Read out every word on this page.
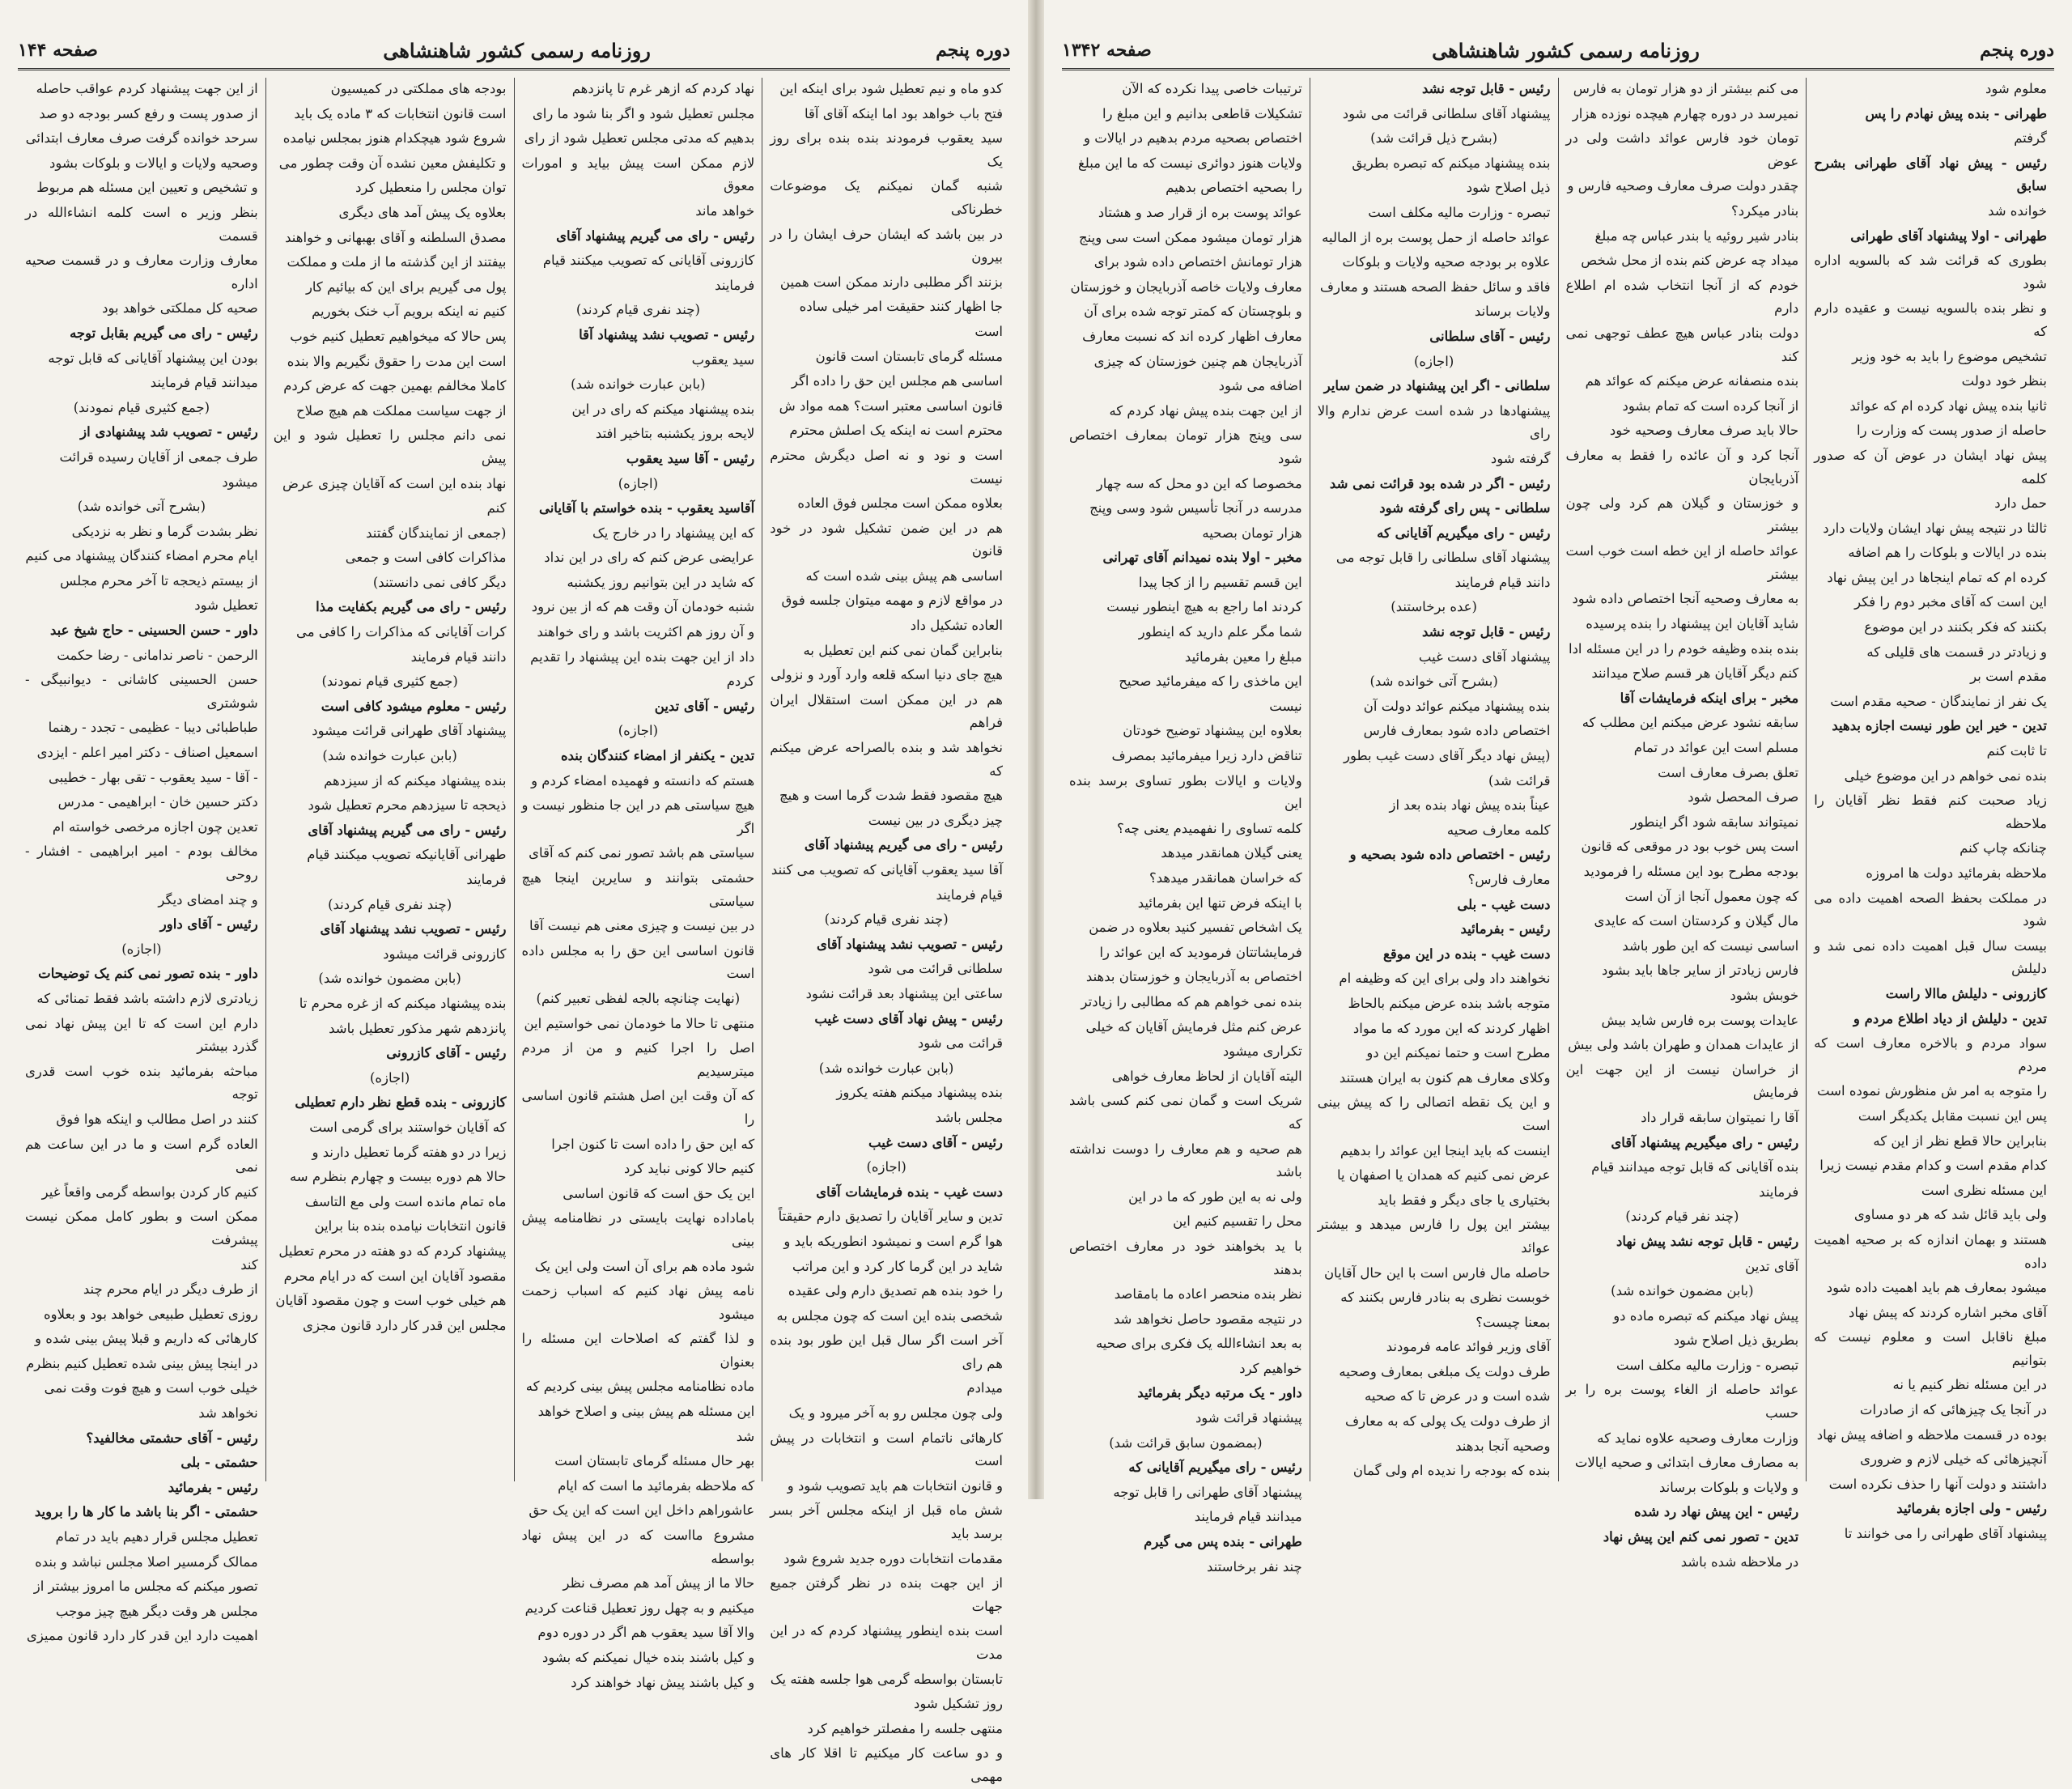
دوره پنجم
روزنامه رسمی کشور شاهنشاهی
صفحه ۱۴۴

کدو ماه و نیم تعطیل شود برای اینکه این

فتح باب خواهد بود اما اینکه آقای آقا

سید یعقوب فرمودند بنده بنده برای روز یک

شنبه گمان نمیکنم یک موضوعات خطرناکی

در بین باشد که ایشان حرف ایشان را در بیرون

بزنند اگر مطلبی دارند ممکن است همین

جا اظهار کنند حقیقت امر خیلی ساده

است

مسئله گرمای تابستان است قانون

اساسی هم مجلس این حق را داده اگر

قانون اساسی معتبر است؟ همه مواد ش

محترم است نه اینکه یک اصلش محترم

است و نود و نه اصل دیگرش محترم نیست

بعلاوه ممکن است مجلس فوق العاده

هم در این ضمن تشکیل شود در خود قانون

اساسی هم پیش بینی شده است که

در مواقع لازم و مهمه میتوان جلسه فوق

العاده تشکیل داد

بنابراین گمان نمی کنم این تعطیل به

هیچ جای دنیا اسکه قلعه وارد آورد و نزولی

هم در این ممکن است استقلال ایران فراهم

نخواهد شد و بنده بالصراحه عرض میکنم که

هیچ مقصود فقط شدت گرما است و هیچ

چیز دیگری در بین نیست

رئیس - رای می گیریم پیشنهاد آقای

آقا سید یعقوب آقایانی که تصویب می کنند

قیام فرمایند

(چند نفری قیام کردند)

رئیس - تصویب نشد پیشنهاد آقای

سلطانی قرائت می شود

ساعتی این پیشنهاد بعد قرائت نشود

رئیس - پیش نهاد آقای دست غیب

قرائت می شود

(بابن عبارت خوانده شد)

بنده پیشنهاد میکنم هفته یکروز

مجلس باشد

رئیس - آقای دست غیب

(اجازه)

دست غیب - بنده فرمایشات آقای

تدین و سایر آقایان را تصدیق دارم حقیقتاً

هوا گرم است و نمیشود انطوریکه باید و

شاید در این گرما کار کرد و این مراتب

را خود بنده هم تصدیق دارم ولی عقیده

شخصی بنده این است که چون مجلس به

آخر است اگر سال قبل این طور بود بنده هم رای

میدادم

ولی چون مجلس رو به آخر میرود و یک

کارهائی ناتمام است و انتخابات در پیش است

و قانون انتخابات هم باید تصویب شود و

شش ماه قبل از اینکه مجلس آخر بسر برسد باید

مقدمات انتخابات دوره جدید شروع شود

از این جهت بنده در نظر گرفتن جمیع جهات

است بنده اینطور پیشنهاد کردم که در این مدت

تابستان بواسطه گرمی هوا جلسه هفته یک

روز تشکیل شود

منتهی جلسه را مفصلتر خواهیم کرد

و دو ساعت کار میکنیم تا اقلا کار های مهمی

نهاد کردم که ازهر غرم تا پانزدهم

مجلس تعطیل شود و اگر بنا شود ما رای

بدهیم که مدتی مجلس تعطیل شود از رای

لازم ممکن است پیش بیاید و امورات معوق

خواهد ماند

رئیس - رای می گیریم پیشنهاد آقای

کازرونی آقایانی که تصویب میکنند قیام

فرمایند

(چند نفری قیام کردند)

رئیس - تصویب نشد پیشنهاد آقا

سید یعقوب

(بابن عبارت خوانده شد)

بنده پیشنهاد میکنم که رای در این

لایحه بروز یکشنبه بتاخیر افتد

رئیس - آقا سید یعقوب

(اجازه)

آقاسید یعقوب - بنده خواستم با آقایانی

که این پیشنهاد را در خارج یک

عرایضی عرض کنم که رای در این نداد

که شاید در این بتوانیم روز یکشنبه

شنبه خودمان آن وقت هم که از بین نرود

و آن روز هم اکثریت باشد و رای خواهند

داد از این جهت بنده این پیشنهاد را تقدیم

کردم

رئیس - آقای تدین

(اجازه)

تدین - یکنفر از امضاء کنندگان بنده

هستم که دانسته و فهمیده امضاء کردم و

هیچ سیاستی هم در این جا منظور نیست و اگر

سیاستی هم باشد تصور نمی کنم که آقای

حشمتی بتوانند و سایرین اینجا هیچ سیاستی

در بین نیست و چیزی معنی هم نیست آقا

قانون اساسی این حق را به مجلس داده است

(نهایت چنانچه بالجه لفظی تعبیر کنم)

منتهی تا حالا ما خودمان نمی خواستیم این

اصل را اجرا کنیم و من از مردم میترسیدیم

که آن وقت این اصل هشتم قانون اساسی را

که این حق را داده است تا کنون اجرا

کنیم حالا کونی نباید کرد

این یک حق است که قانون اساسی

باماداده نهایت بایستی در نظامنامه پیش بینی

شود ماده هم برای آن است ولی این یک

نامه پیش نهاد کنیم که اسباب زحمت میشود

و لذا گفتم که اصلاحات این مسئله را بعنوان

ماده نظامنامه مجلس پیش بینی کردیم که

این مسئله هم پیش بینی و اصلاح خواهد

شد

بهر حال مسئله گرمای تابستان است

که ملاحظه بفرمائید ما است که ایام

عاشوراهم داخل این است که این یک حق

مشروع مااست که در این پیش نهاد بواسطه

حالا ما از پیش آمد هم مصرف نظر

میکنیم و به چهل روز تعطیل قناعت کردیم

والا آقا سید یعقوب هم اگر در دوره دوم

و کیل باشند بنده خیال نمیکنم که بشود

و کیل باشند پیش نهاد خواهند کرد

بودجه های مملکتی در کمیسیون

است قانون انتخابات که ۳ ماده یک باید

شروع شود هیچکدام هنوز بمجلس نیامده

و تکلیفش معین نشده آن وقت چطور می

توان مجلس را منعطیل کرد

بعلاوه یک پیش آمد های دیگری

مصدق السلطنه و آقای بهبهانی و خواهند

بیفتند از این گذشته ما از ملت و مملکت

پول می گیریم برای این که بیائیم کار

کنیم نه اینکه برویم آب خنک بخوریم

پس حالا که میخواهیم تعطیل کنیم خوب

است این مدت را حقوق نگیریم والا بنده

کاملا مخالفم بهمین جهت که عرض کردم

از جهت سیاست مملکت هم هیچ صلاح

نمی دانم مجلس را تعطیل شود و این پیش

نهاد بنده این است که آقایان چیزی عرض

کنم

(جمعی از نمایندگان گفتند

مذاکرات کافی است و جمعی

دیگر کافی نمی دانستند)

رئیس - رای می گیریم بکفایت مذا

کرات آقایانی که مذاکرات را کافی می

دانند قیام فرمایند

(جمع کثیری قیام نمودند)

رئیس - معلوم میشود کافی است

پیشنهاد آقای طهرانی قرائت میشود

(بابن عبارت خوانده شد)

بنده پیشنهاد میکنم که از سیزدهم

ذیحجه تا سیزدهم محرم تعطیل شود

رئیس - رای می گیریم پیشنهاد آقای

طهرانی آقایانیکه تصویب میکنند قیام

فرمایند

(چند نفری قیام کردند)

رئیس - تصویب نشد پیشنهاد آقای

کازرونی قرائت میشود

(بابن مضمون خوانده شد)

بنده پیشنهاد میکنم که از غره محرم تا

پانزدهم شهر مذکور تعطیل باشد

رئیس - آقای کازرونی

(اجازه)

کازرونی - بنده قطع نظر دارم تعطیلی

که آقایان خواستند برای گرمی است

زیرا در دو هفته گرما تعطیل دارند و

حالا هم دوره بیست و چهارم بنظرم سه

ماه تمام مانده است ولی مع التاسف

قانون انتخابات نیامده بنده بنا براین

پیشنهاد کردم که دو هفته در محرم تعطیل

مقصود آقایان این است که در ایام محرم

هم خیلی خوب است و چون مقصود آقایان

مجلس این قدر کار دارد قانون مجزی

از این جهت پیشنهاد کردم عواقب حاصله

از صدور پست و رفع کسر بودجه دو صد

سرحد خوانده گرفت صرف معارف ابتدائی

وصحیه ولایات و ایالات و بلوکات بشود

و تشخیص و تعیین این مسئله هم مربوط

بنظر وزیر ه است کلمه انشاءالله در قسمت

معارف وزارت معارف و در قسمت صحیه اداره

صحیه کل مملکتی خواهد بود

رئیس - رای می گیریم بقابل توجه

بودن این پیشنهاد آقایانی که قابل توجه

میدانند قیام فرمایند

(جمع کثیری قیام نمودند)

رئیس - تصویب شد پیشنهادی از

طرف جمعی از آقایان رسیده قرائت

میشود

(بشرح آتی خوانده شد)

نظر بشدت گرما و نظر به نزدیکی

ایام محرم امضاء کنندگان پیشنهاد می کنیم

از بیستم ذیحجه تا آخر محرم مجلس

تعطیل شود

داور - حسن الحسینی - حاج شیخ عبد

الرحمن - ناصر ندامانی - رضا حکمت

حسن الحسینی کاشانی - دیوانبیگی - شوشتری

طباطبائی دیبا - عظیمی - تجدد - رهنما

اسمعیل اصناف - دکتر امیر اعلم - ایزدی

- آقا - سید یعقوب - تقی بهار - خطیبی

دکتر حسین خان - ابراهیمی - مدرس

تعدین چون اجازه مرخصی خواسته ام

مخالف بودم - امیر ابراهیمی - افشار - روحی

و چند امضای دیگر

رئیس - آقای داور

(اجازه)

داور - بنده تصور نمی کنم یک توضیحات

زیادتری لازم داشته باشد فقط تمنائی که

دارم این است که تا این پیش نهاد نمی گذرد بیشتر

مباحثه بفرمائید بنده خوب است قدری توجه

کنند در اصل مطالب و اینکه هوا فوق

العاده گرم است و ما در این ساعت هم نمی

کنیم کار کردن بواسطه گرمی واقعاً غیر

ممکن است و بطور کامل ممکن نیست پیشرفت

کند

از طرف دیگر در ایام محرم چند

روزی تعطیل طبیعی خواهد بود و بعلاوه

کارهائی که داریم و قبلا پیش بینی شده و

در اینجا پیش بینی شده تعطیل کنیم بنظرم

خیلی خوب است و هیچ فوت وقت نمی

نخواهد شد

رئیس - آقای حشمتی مخالفید؟

حشمتی - بلی

رئیس - بفرمائید

حشمتی - اگر بنا باشد ما کار ها را بروید

تعطیل مجلس قرار دهیم باید در تمام

ممالک گرمسیر اصلا مجلس نباشد و بنده

تصور میکنم که مجلس ما امروز بیشتر از

مجلس هر وقت دیگر هیچ چیز موجب

اهمیت دارد این قدر کار دارد قانون ممیزی

دوره پنجم
روزنامه رسمی کشور شاهنشاهی
صفحه ۱۳۴۲

معلوم شود

طهرانی - بنده پیش نهادم را پس

گرفتم

رئیس - پیش نهاد آقای طهرانی بشرح سابق

خوانده شد

طهرانی - اولا پیشنهاد آقای طهرانی

بطوری که قرائت شد که بالسویه اداره شود

و نظر بنده بالسویه نیست و عقیده دارم که

تشخیص موضوع را باید به خود وزیر

بنظر خود دولت

ثانیا بنده پیش نهاد کرده ام که عوائد

حاصله از صدور پست که وزارت را

پیش نهاد ایشان در عوض آن که صدور کلمه

حمل دارد

ثالثا در نتیجه پیش نهاد ایشان ولایات دارد

بنده در ایالات و بلوکات را هم اضافه

کرده ام که تمام اینجاها در این پیش نهاد

این است که آقای مخبر دوم را فکر

بکنند که فکر بکنند در این موضوع

و زیادتر در قسمت های قلیلی که

مقدم است بر

یک نفر از نمایندگان - صحیه مقدم است

تدین - خیر این طور نیست اجازه بدهید

تا ثابت کنم

بنده نمی خواهم در این موضوع خیلی

زیاد صحبت کنم فقط نظر آقایان را ملاحظه

چنانکه چاپ کنم

ملاحظه بفرمائید دولت ها امروزه

در مملکت بحفظ الصحه اهمیت داده می شود

بیست سال قبل اهمیت داده نمی شد و دلیلش

کازرونی - دلیلش ماالا راست

تدین - دلیلش از دیاد اطلاع مردم و

سواد مردم و بالاخره معارف است که مردم

را متوجه به امر ش منظورش نموده است

پس این نسبت مقابل یکدیگر است

بنابراین حالا قطع نظر از این که

کدام مقدم است و کدام مقدم نیست زیرا

این مسئله نظری است

ولی باید قائل شد که هر دو مساوی

هستند و بهمان اندازه که بر صحیه اهمیت داده

میشود بمعارف هم باید اهمیت داده شود

آقای مخبر اشاره کردند که پیش نهاد

مبلغ ناقابل است و معلوم نیست که بتوانیم

در این مسئله نظر کنیم یا نه

در آنجا یک چیزهائی که از صادرات

بوده در قسمت ملاحظه و اضافه پیش نهاد

آنچیزهائی که خیلی لازم و ضروری

داشتند و دولت آنها را حذف نکرده است

رئیس - ولی اجازه بفرمائید

پیشنهاد آقای طهرانی را می خوانند تا

می کنم بیشتر از دو هزار تومان به فارس

نمیرسد در دوره چهارم هیچده نوزده هزار

تومان خود فارس عوائد داشت ولی در عوض

چقدر دولت صرف معارف وصحیه فارس و

بنادر میکرد؟

بنادر شیر روئیه یا بندر عباس چه مبلغ

میداد چه عرض کنم بنده از محل شخص

خودم که از آنجا انتخاب شده ام اطلاع دارم

دولت بنادر عباس هیچ عطف توجهی نمی کند

بنده منصفانه عرض میکنم که عوائد هم

از آنجا کرده است که تمام بشود

حالا باید صرف معارف وصحیه خود

آنجا کرد و آن عائده را فقط به معارف آذربایجان

و خوزستان و گیلان هم کرد ولی چون بیشتر

عوائد حاصله از این خطه است خوب است بیشتر

به معارف وصحیه آنجا اختصاص داده شود

شاید آقایان این پیشنهاد را بنده پرسیده

بنده بنده وظیفه خودم را در این مسئله ادا

کنم دیگر آقایان هر قسم صلاح میدانند

مخبر - برای اینکه فرمایشات آقا

سابقه نشود عرض میکنم این مطلب که

مسلم است این عوائد در تمام

تعلق بصرف معارف است

صرف المحصل شود

نمیتواند سابقه شود اگر اینطور

است پس خوب بود در موقعی که قانون

بودجه مطرح بود این مسئله را فرمودید

که چون معمول آنجا از آن است

مال گیلان و کردستان است که عایدی

اساسی نیست که این طور باشد

فارس زیادتر از سایر جاها باید بشود

خوبش بشود

عایدات پوست بره فارس شاید بیش

از عایدات همدان و طهران باشد ولی بیش

از خراسان نیست از این جهت این فرمایش

آقا را نمیتوان سابقه قرار داد

رئیس - رای میگیریم پیشنهاد آقای

بنده آقایانی که قابل توجه میدانند قیام

فرمایند

(چند نفر قیام کردند)

رئیس - قابل توجه نشد پیش نهاد

آقای تدین

(بابن مضمون خوانده شد)

پیش نهاد میکنم که تبصره ماده دو

بطریق ذیل اصلاح شود

تبصره - وزارت مالیه مکلف است

عوائد حاصله از الغاء پوست بره را بر حسب

وزارت معارف وصحیه علاوه نماید که

به مصارف معارف ابتدائی و صحیه ایالات

و ولایات و بلوکات برساند

رئیس - این پیش نهاد رد شده

تدین - تصور نمی کنم این پیش نهاد

در ملاحظه شده باشد

رئیس - قابل توجه نشد

پیشنهاد آقای سلطانی قرائت می شود

(بشرح ذیل قرائت شد)

بنده پیشنهاد میکنم که تبصره بطریق

ذیل اصلاح شود

تبصره - وزارت مالیه مکلف است

عوائد حاصله از حمل پوست بره از المالیه

علاوه بر بودجه صحیه ولایات و بلوکات

فاقد و سائل حفظ الصحه هستند و معارف

ولایات برساند

رئیس - آقای سلطانی

(اجازه)

سلطانی - اگر این پیشنهاد در ضمن سایر

پیشنهادها در شده است عرض ندارم والا رای

گرفته شود

رئیس - اگر در شده بود قرائت نمی شد

سلطانی - پس رای گرفته شود

رئیس - رای میگیریم آقایانی که

پیشنهاد آقای سلطانی را قابل توجه می

دانند قیام فرمایند

(عده برخاستند)

رئیس - قابل توجه نشد

پیشنهاد آقای دست غیب

(بشرح آتی خوانده شد)

بنده پیشنهاد میکنم عوائد دولت آن

اختصاص داده شود بمعارف فارس

(پیش نهاد دیگر آقای دست غیب بطور

قرائت شد)

عیناً بنده پیش نهاد بنده بعد از

کلمه معارف صحیه

رئیس - اختصاص داده شود بصحیه و

معارف فارس؟

دست غیب - بلی

رئیس - بفرمائید

دست غیب - بنده در این موقع

نخواهند داد ولی برای این که وظیفه ام

متوجه باشد بنده عرض میکنم بالحاظ

اظهار کردند که این مورد که ما مواد

مطرح است و حتما نمیکنم این دو

وکلای معارف هم کنون به ایران هستند

و این یک نقطه اتصالی را که پیش بینی است

اینست که باید اینجا این عوائد را بدهیم

عرض نمی کنیم که همدان یا اصفهان یا

بختیاری یا جای دیگر و فقط باید

بیشتر این پول را فارس میدهد و بیشتر عوائد

حاصله مال فارس است با این حال آقایان

خوبست نظری به بنادر فارس بکنند که

بمعنا چیست؟

آقای وزیر فوائد عامه فرمودند

طرف دولت یک مبلغی بمعارف وصحیه

شده است و در عرض تا که صحیه

از طرف دولت یک پولی که به معارف

وصحیه آنجا بدهند

بنده که بودجه را ندیده ام ولی گمان

ترتیبات خاصی پیدا نکرده که الآن

تشکیلات قاطعی بدانیم و این مبلغ را

اختصاص بصحیه مردم بدهیم در ایالات و

ولایات هنوز دوائری نیست که ما این مبلغ

را بصحیه اختصاص بدهیم

عوائد پوست بره از قرار صد و هشتاد

هزار تومان میشود ممکن است سی وپنج

هزار تومانش اختصاص داده شود برای

معارف ولایات خاصه آذربایجان و خوزستان

و بلوچستان که کمتر توجه شده برای آن

معارف اظهار کرده اند که نسبت معارف

آذربایجان هم چنین خوزستان که چیزی

اضافه می شود

از این جهت بنده پیش نهاد کردم که

سی وپنج هزار تومان بمعارف اختصاص شود

مخصوصا که این دو محل که سه چهار

مدرسه در آنجا تأسیس شود وسی وپنج

هزار تومان بصحیه

مخبر - اولا بنده نمیدانم آقای تهرانی

این قسم تقسیم را از کجا پیدا

کردند اما راجع به هیچ اینطور نیست

شما مگر علم دارید که اینطور

مبلغ را معین بفرمائید

این ماخذی را که میفرمائید صحیح

نیست

بعلاوه این پیشنهاد توضیح خودتان

تناقض دارد زیرا میفرمائید بمصرف

ولایات و ایالات بطور تساوی برسد بنده این

کلمه تساوی را نفهمیدم یعنی چه؟

یعنی گیلان همانقدر میدهد

که خراسان همانقدر میدهد؟

با اینکه فرض تنها این بفرمائید

یک اشخاص تفسیر کنید بعلاوه در ضمن

فرمایشاتتان فرمودید که این عوائد را

اختصاص به آذربایجان و خوزستان بدهند

بنده نمی خواهم هم که مطالبی را زیادتر

عرض کنم مثل فرمایش آقایان که خیلی

تکراری میشود

الیته آقایان از لحاظ معارف خواهی

شریک است و گمان نمی کنم کسی باشد که

هم صحیه و هم معارف را دوست نداشته باشد

ولی نه به این طور که ما در این

محل را تقسیم کنیم این

با ید بخواهند خود در معارف اختصاص بدهند

نظر بنده منحصر اعاده ما بامقاصد

در نتیجه مقصود حاصل نخواهد شد

به بعد انشاءالله یک فکری برای صحیه

خواهیم کرد

داور - یک مرتبه دیگر بفرمائید

پیشنهاد قرائت شود

(بمضمون سابق قرائت شد)

رئیس - رای میگیریم آقایانی که

پیشنهاد آقای طهرانی را قابل توجه

میدانند قیام فرمایند

طهرانی - بنده پس می گیرم

چند نفر برخاستند
